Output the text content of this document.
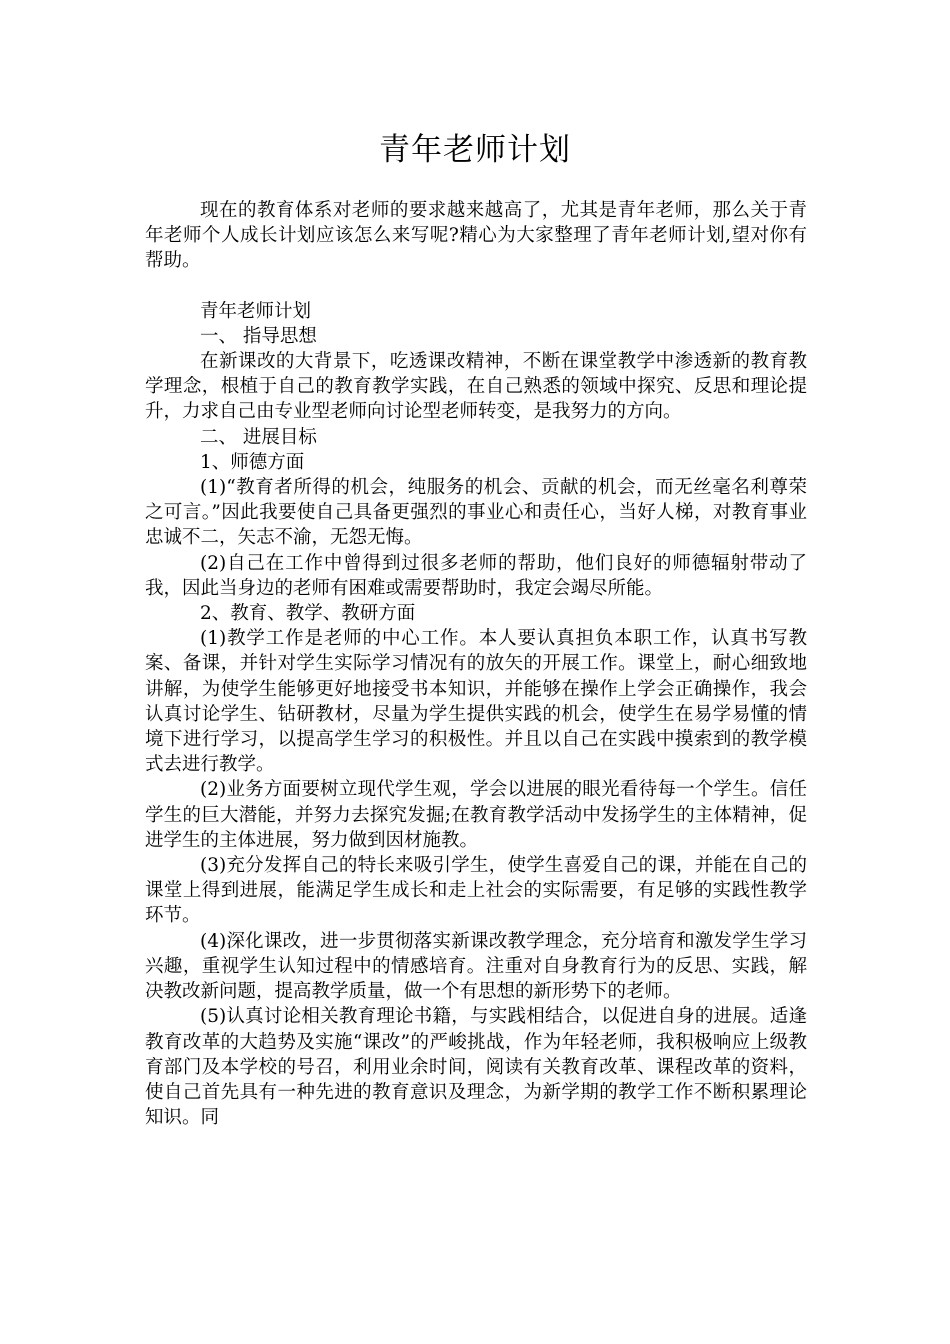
青年老师计划

现在的教育体系对老师的要求越来越高了，尤其是青年老师，那么关于青年老师个人成长计划应该怎么来写呢?精心为大家整理了青年老师计划,望对你有帮助。

青年老师计划

一、 指导思想

在新课改的大背景下，吃透课改精神，不断在课堂教学中渗透新的教育教学理念，根植于自己的教育教学实践，在自己熟悉的领域中探究、反思和理论提升，力求自己由专业型老师向讨论型老师转变，是我努力的方向。

二、 进展目标

1、师德方面

(1)“教育者所得的机会，纯服务的机会、贡献的机会，而无丝毫名利尊荣之可言。”因此我要使自己具备更强烈的事业心和责任心，当好人梯，对教育事业忠诚不二，矢志不渝，无怨无悔。

(2)自己在工作中曾得到过很多老师的帮助，他们良好的师德辐射带动了我，因此当身边的老师有困难或需要帮助时，我定会竭尽所能。

2、教育、教学、教研方面

(1)教学工作是老师的中心工作。本人要认真担负本职工作，认真书写教案、备课，并针对学生实际学习情况有的放矢的开展工作。课堂上，耐心细致地讲解，为使学生能够更好地接受书本知识，并能够在操作上学会正确操作，我会认真讨论学生、钻研教材，尽量为学生提供实践的机会，使学生在易学易懂的情境下进行学习，以提高学生学习的积极性。并且以自己在实践中摸索到的教学模式去进行教学。

(2)业务方面要树立现代学生观，学会以进展的眼光看待每一个学生。信任学生的巨大潜能，并努力去探究发掘;在教育教学活动中发扬学生的主体精神，促进学生的主体进展，努力做到因材施教。

(3)充分发挥自己的特长来吸引学生，使学生喜爱自己的课，并能在自己的课堂上得到进展，能满足学生成长和走上社会的实际需要，有足够的实践性教学环节。

(4)深化课改，进一步贯彻落实新课改教学理念，充分培育和激发学生学习兴趣，重视学生认知过程中的情感培育。注重对自身教育行为的反思、实践，解决教改新问题，提高教学质量，做一个有思想的新形势下的老师。

(5)认真讨论相关教育理论书籍，与实践相结合，以促进自身的进展。适逢教育改革的大趋势及实施“课改”的严峻挑战，作为年轻老师，我积极响应上级教育部门及本学校的号召，利用业余时间，阅读有关教育改革、课程改革的资料，使自己首先具有一种先进的教育意识及理念，为新学期的教学工作不断积累理论知识。同
